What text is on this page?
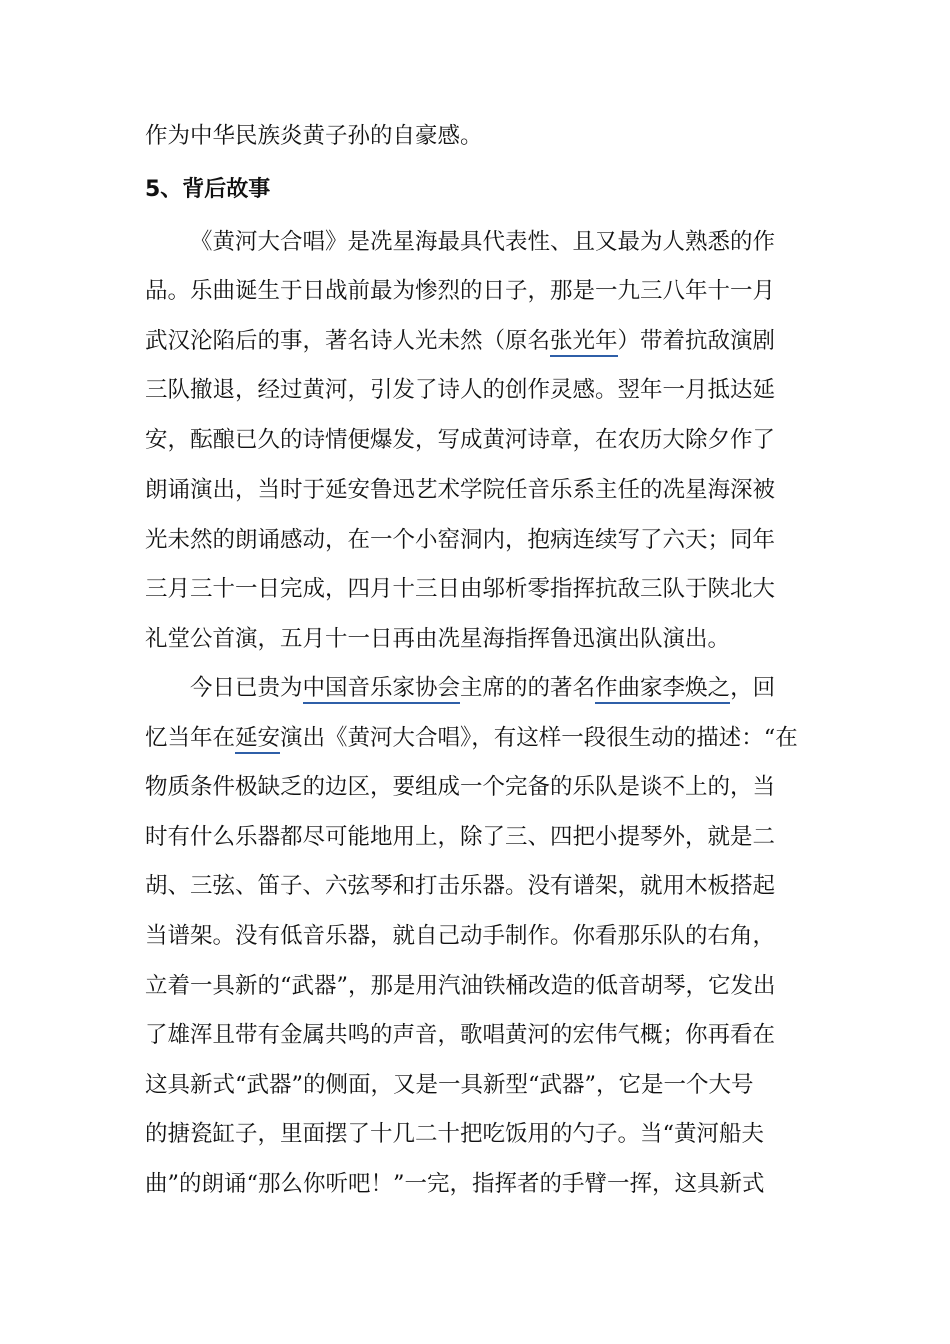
作为中华民族炎黄子孙的自豪感。
5、背后故事
《黄河大合唱》是冼星海最具代表性、且又最为人熟悉的作
品。乐曲诞生于日战前最为惨烈的日子，那是一九三八年十一月
武汉沦陷后的事，著名诗人光未然（原名张光年）带着抗敌演剧
三队撤退，经过黄河，引发了诗人的创作灵感。翌年一月抵达延
安，酝酿已久的诗情便爆发，写成黄河诗章，在农历大除夕作了
朗诵演出，当时于延安鲁迅艺术学院任音乐系主任的冼星海深被
光未然的朗诵感动，在一个小窑洞内，抱病连续写了六天；同年
三月三十一日完成，四月十三日由邬析零指挥抗敌三队于陕北大
礼堂公首演，五月十一日再由冼星海指挥鲁迅演出队演出。
今日已贵为中国音乐家协会主席的的著名作曲家李焕之，回
忆当年在延安演出《黄河大合唱》，有这样一段很生动的描述：“在
物质条件极缺乏的边区，要组成一个完备的乐队是谈不上的，当
时有什么乐器都尽可能地用上，除了三、四把小提琴外，就是二
胡、三弦、笛子、六弦琴和打击乐器。没有谱架，就用木板搭起
当谱架。没有低音乐器，就自己动手制作。你看那乐队的右角，
立着一具新的“武器”，那是用汽油铁桶改造的低音胡琴，它发出
了雄浑且带有金属共鸣的声音，歌唱黄河的宏伟气概；你再看在
这具新式“武器”的侧面，又是一具新型“武器”，它是一个大号
的搪瓷缸子，里面摆了十几二十把吃饭用的勺子。当“黄河船夫
曲”的朗诵“那么你听吧！”一完，指挥者的手臂一挥，这具新式
